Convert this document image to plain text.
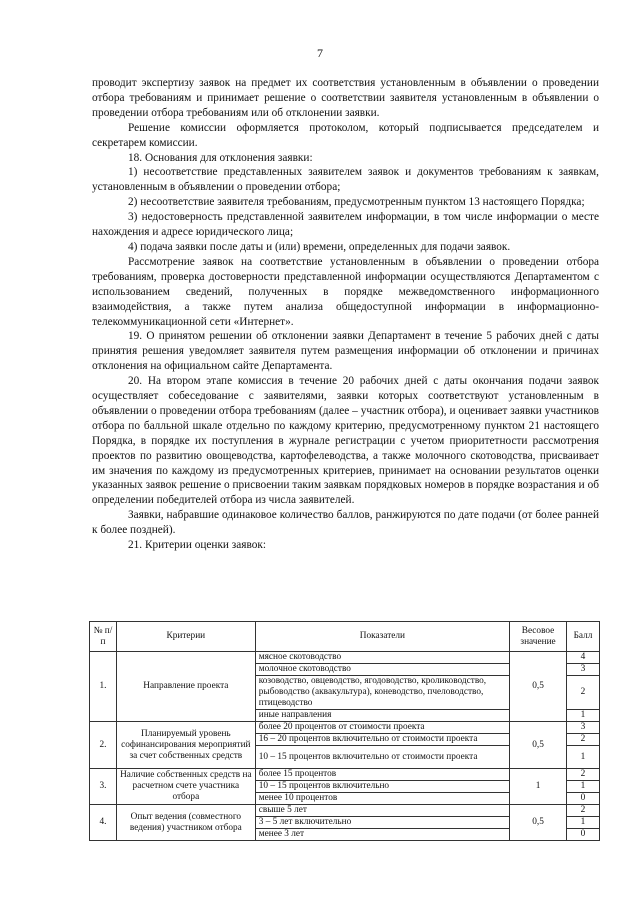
7

проводит экспертизу заявок на предмет их соответствия установленным в объявлении о проведении отбора требованиям и принимает решение о соответствии заявителя установленным в объявлении о проведении отбора требованиям или об отклонении заявки.

Решение комиссии оформляется протоколом, который подписывается председателем и секретарем комиссии.

18. Основания для отклонения заявки:

1) несоответствие представленных заявителем заявок и документов требованиям к заявкам, установленным в объявлении о проведении отбора;

2) несоответствие заявителя требованиям, предусмотренным пунктом 13 настоящего Порядка;

3) недостоверность представленной заявителем информации, в том числе информации о месте нахождения и адресе юридического лица;

4) подача заявки после даты и (или) времени, определенных для подачи заявок.

Рассмотрение заявок на соответствие установленным в объявлении о проведении отбора требованиям, проверка достоверности представленной информации осуществляются Департаментом с использованием сведений, полученных в порядке межведомственного информационного взаимодействия, а также путем анализа общедоступной информации в информационно-телекоммуникационной сети «Интернет».

19. О принятом решении об отклонении заявки Департамент в течение 5 рабочих дней с даты принятия решения уведомляет заявителя путем размещения информации об отклонении и причинах отклонения на официальном сайте Департамента.

20. На втором этапе комиссия в течение 20 рабочих дней с даты окончания подачи заявок осуществляет собеседование с заявителями, заявки которых соответствуют установленным в объявлении о проведении отбора требованиям (далее – участник отбора), и оценивает заявки участников отбора по балльной шкале отдельно по каждому критерию, предусмотренному пунктом 21 настоящего Порядка, в порядке их поступления в журнале регистрации с учетом приоритетности рассмотрения проектов по развитию овощеводства, картофелеводства, а также молочного скотоводства, присваивает им значения по каждому из предусмотренных критериев, принимает на основании результатов оценки указанных заявок решение о присвоении таким заявкам порядковых номеров в порядке возрастания и об определении победителей отбора из числа заявителей.

Заявки, набравшие одинаковое количество баллов, ранжируются по дате подачи (от более ранней к более поздней).

21. Критерии оценки заявок:

№ п/п	Критерии	Показатели	Весовое значение	Балл
1.	Направление проекта	мясное скотоводство	0,5	4
		молочное скотоводство		3
		козоводство, овцеводство, ягодоводство, кролиководство, рыбоводство (аквакультура), коневодство, пчеловодство, птицеводство		2
		иные направления		1
2.	Планируемый уровень софинансирования мероприятий за счет собственных средств	более 20 процентов от стоимости проекта	0,5	3
		16 – 20 процентов включительно от стоимости проекта		2
		10 – 15 процентов включительно от стоимости проекта		1
3.	Наличие собственных средств на расчетном счете участника отбора	более 15 процентов	1	2
		10 – 15 процентов включительно		1
		менее 10 процентов		0
4.	Опыт ведения (совместного ведения) участником отбора	свыше 5 лет	0,5	2
		3 – 5 лет включительно		1
		менее 3 лет		0
